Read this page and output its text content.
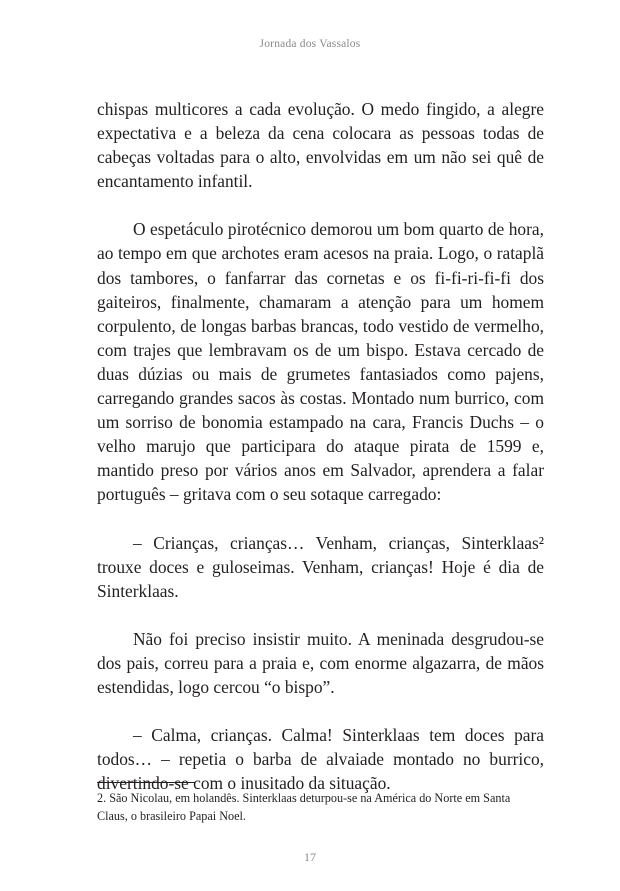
Jornada dos Vassalos

chispas multicores a cada evolução. O medo fingido, a alegre expectativa e a beleza da cena colocara as pessoas todas de cabeças voltadas para o alto, envolvidas em um não sei quê de encantamento infantil.

O espetáculo pirotécnico demorou um bom quarto de hora, ao tempo em que archotes eram acesos na praia. Logo, o rataplã dos tambores, o fanfarrar das cornetas e os fi-fi-ri-fi-fi dos gaiteiros, finalmente, chamaram a atenção para um homem corpulento, de longas barbas brancas, todo vestido de vermelho, com trajes que lembravam os de um bispo. Estava cercado de duas dúzias ou mais de grumetes fantasiados como pajens, carregando grandes sacos às costas. Montado num burrico, com um sorriso de bonomia estampado na cara, Francis Duchs – o velho marujo que participara do ataque pirata de 1599 e, mantido preso por vários anos em Salvador, aprendera a falar português – gritava com o seu sotaque carregado:

– Crianças, crianças… Venham, crianças, Sinterklaas² trouxe doces e guloseimas. Venham, crianças! Hoje é dia de Sinterklaas.

Não foi preciso insistir muito. A meninada desgrudou-se dos pais, correu para a praia e, com enorme algazarra, de mãos estendidas, logo cercou “o bispo”.

– Calma, crianças. Calma! Sinterklaas tem doces para todos… – repetia o barba de alvaiade montado no burrico, divertindo-se com o inusitado da situação.

2. São Nicolau, em holandês. Sinterklaas deturpou-se na América do Norte em Santa Claus, o brasileiro Papai Noel.
17
